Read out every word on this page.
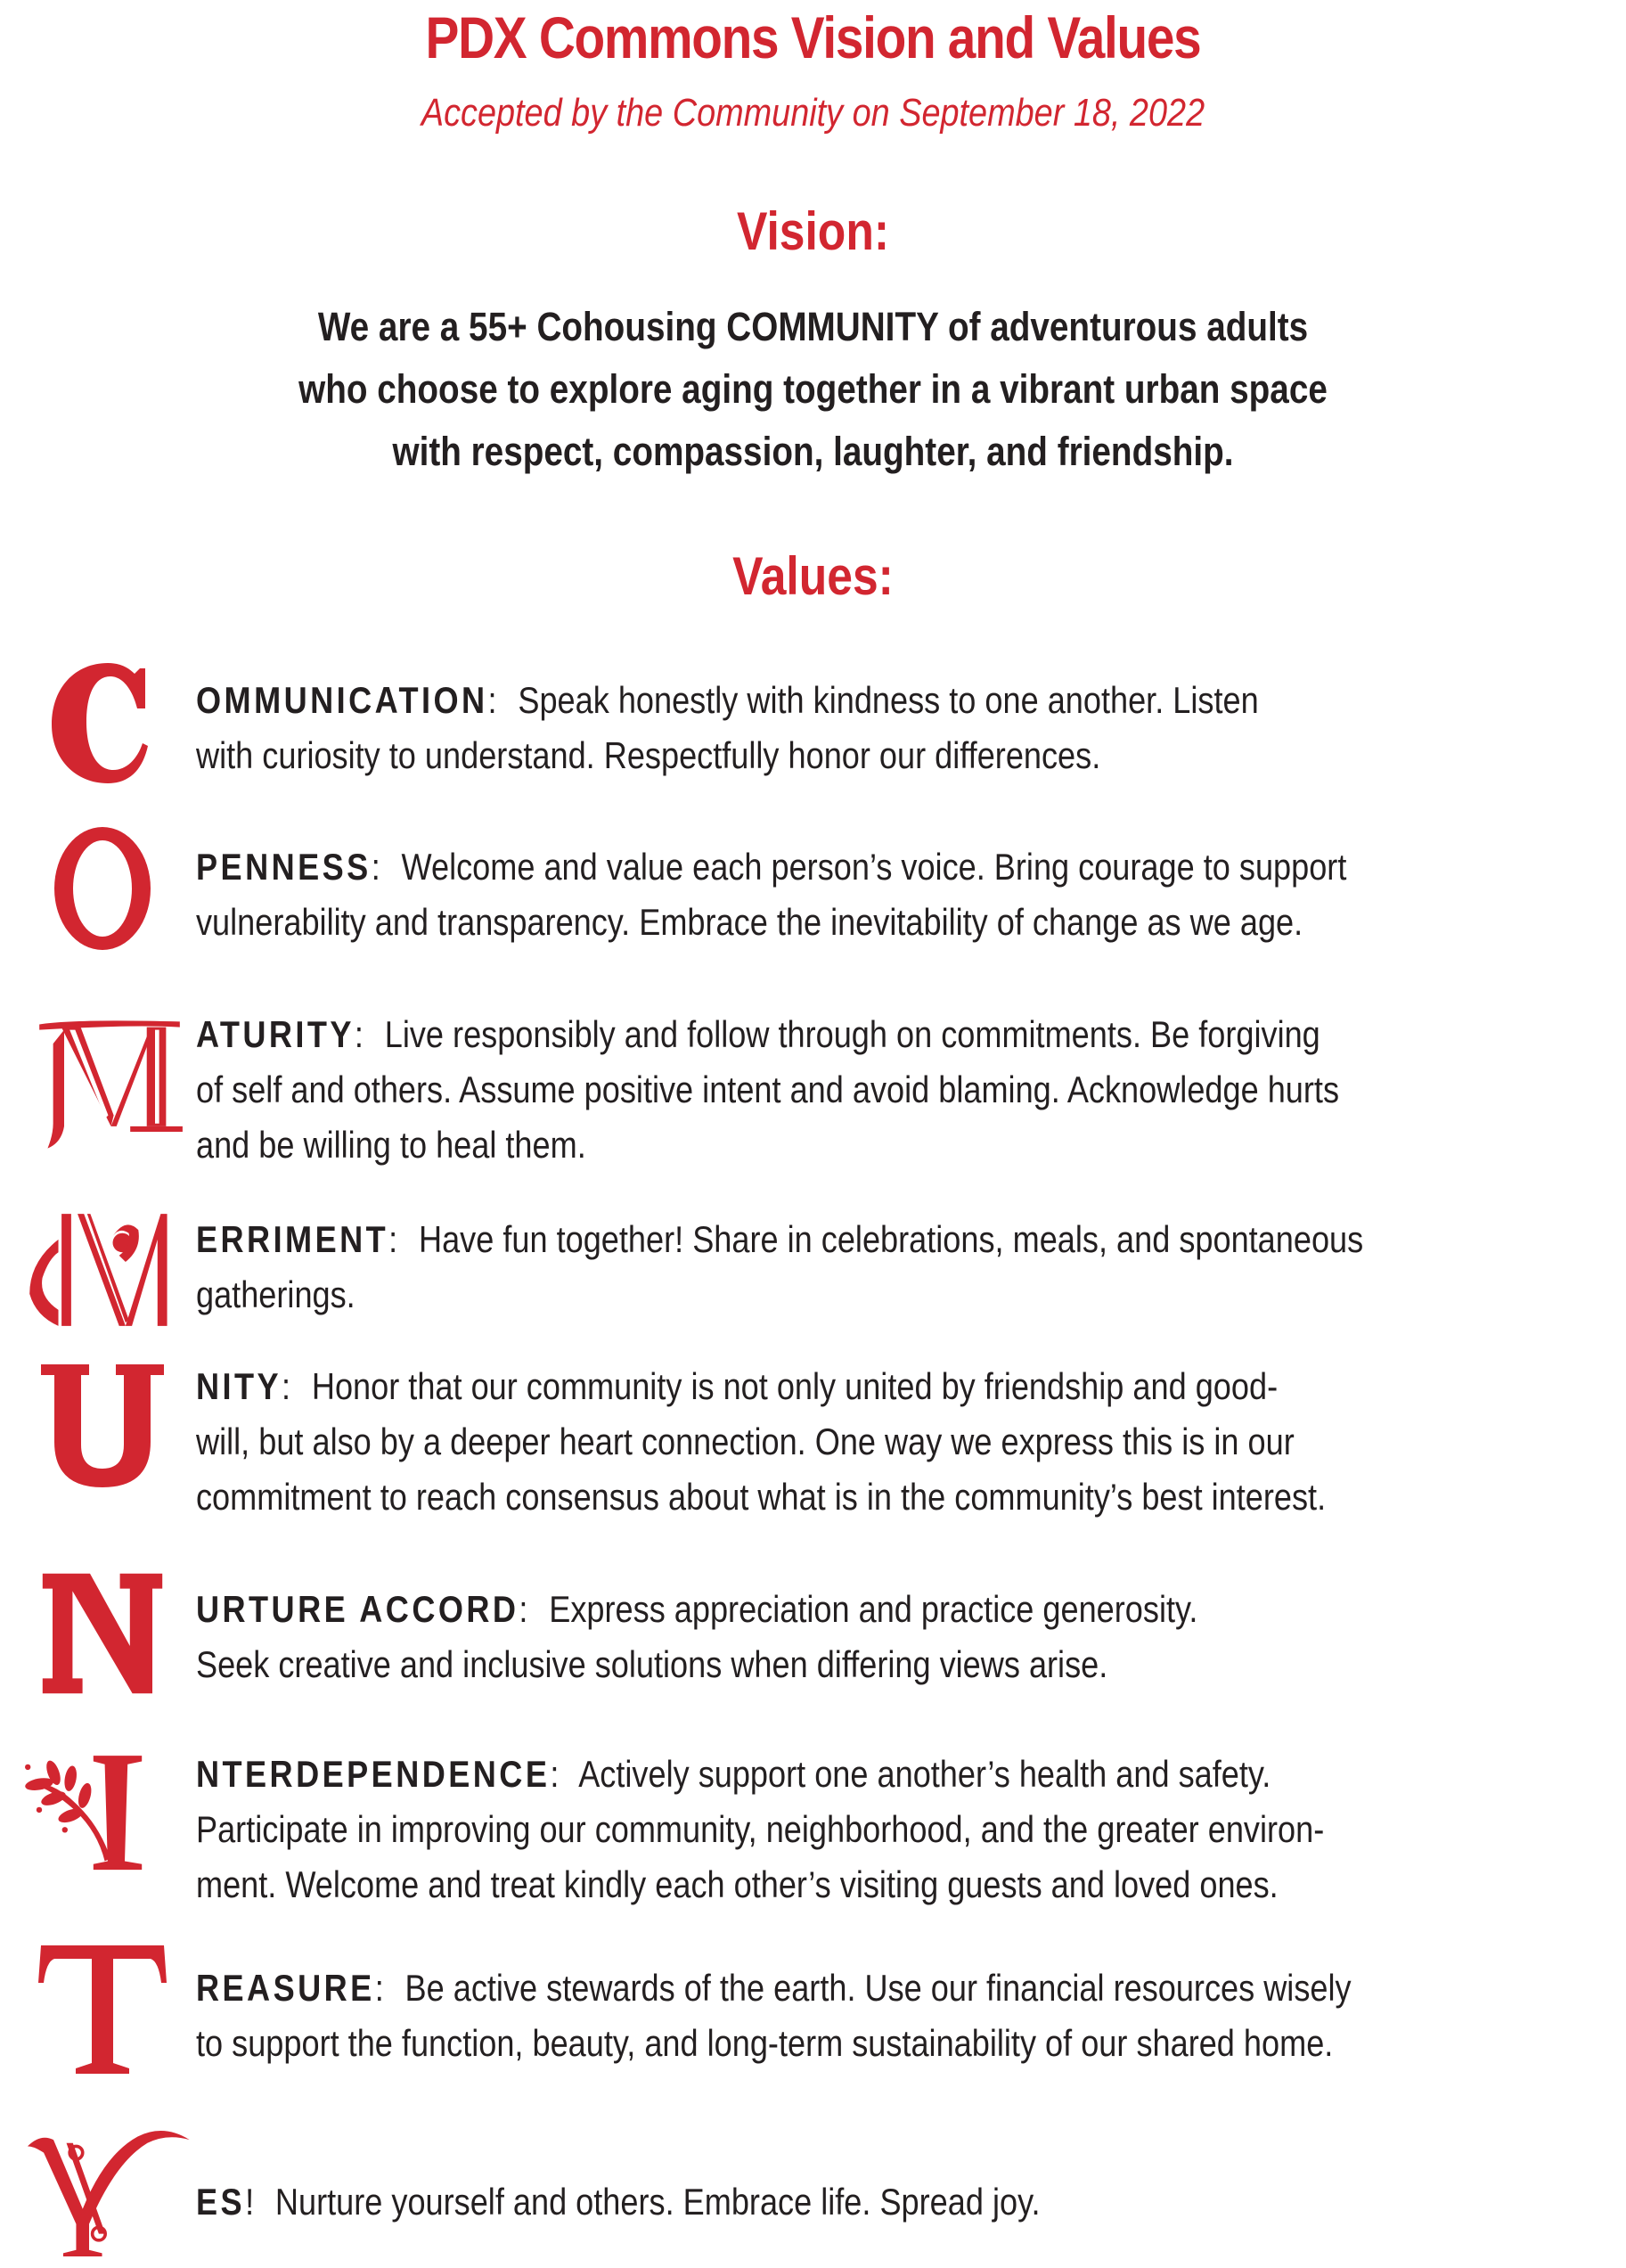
PDX Commons Vision and Values
Accepted by the Community on September 18, 2022
Vision:
We are a 55+ Cohousing COMMUNITY of adventurous adults
who choose to explore aging together in a vibrant urban space
with respect, compassion, laughter, and friendship.
Values:
OMMUNICATION: Speak honestly with kindness to one another. Listen
with curiosity to understand. Respectfully honor our differences.
PENNESS: Welcome and value each person’s voice. Bring courage to support
vulnerability and transparency. Embrace the inevitability of change as we age.
ATURITY: Live responsibly and follow through on commitments. Be forgiving
of self and others. Assume positive intent and avoid blaming. Acknowledge hurts
and be willing to heal them.
ERRIMENT: Have fun together! Share in celebrations, meals, and spontaneous
gatherings.
NITY: Honor that our community is not only united by friendship and good-
will, but also by a deeper heart connection. One way we express this is in our
commitment to reach consensus about what is in the community’s best interest.
URTURE ACCORD: Express appreciation and practice generosity.
Seek creative and inclusive solutions when differing views arise.
NTERDEPENDENCE: Actively support one another’s health and safety.
Participate in improving our community, neighborhood, and the greater environ-
ment. Welcome and treat kindly each other’s visiting guests and loved ones.
REASURE: Be active stewards of the earth. Use our financial resources wisely
to support the function, beauty, and long-term sustainability of our shared home.
ES! Nurture yourself and others. Embrace life. Spread joy.
